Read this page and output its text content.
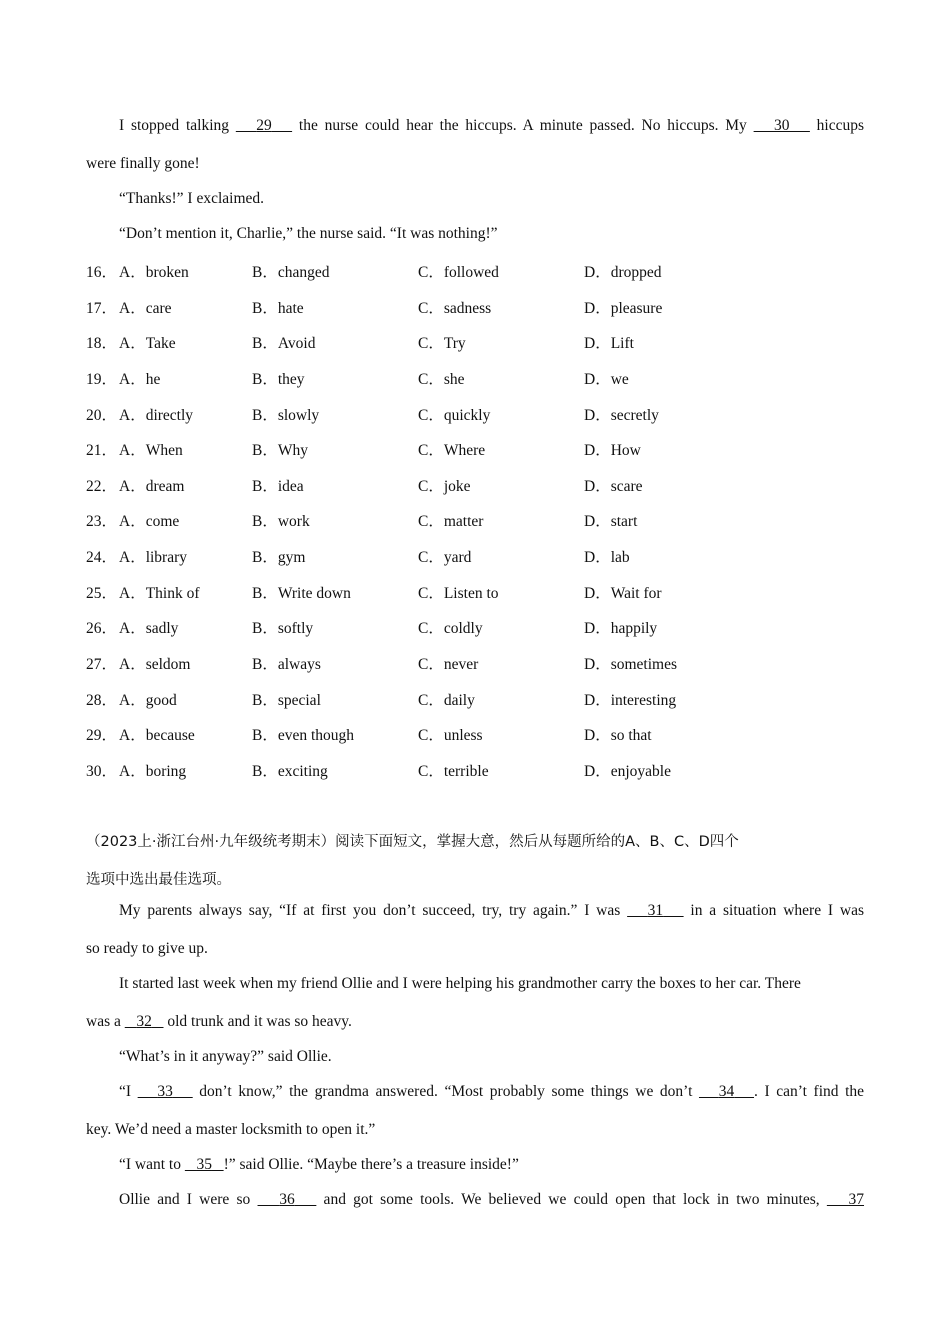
I stopped talking    29    the nurse could hear the hiccups. A minute passed. No hiccups. My    30    hiccups
were finally gone!
“Thanks!” I exclaimed.
“Don’t mention it, Charlie,” the nurse said. “It was nothing!”
16． A．broken	B．changed	C．followed	D．dropped
17． A．care	B．hate	C．sadness	D．pleasure
18． A．Take	B．Avoid	C．Try	D．Lift
19． A．he	B．they	C．she	D．we
20． A．directly	B．slowly	C．quickly	D．secretly
21． A．When	B．Why	C．Where	D．How
22． A．dream	B．idea	C．joke	D．scare
23． A．come	B．work	C．matter	D．start
24． A．library	B．gym	C．yard	D．lab
25． A．Think of	B．Write down	C．Listen to	D．Wait for
26． A．sadly	B．softly	C．coldly	D．happily
27． A．seldom	B．always	C．never	D．sometimes
28． A．good	B．special	C．daily	D．interesting
29． A．because	B．even though	C．unless	D．so that
30． A．boring	B．exciting	C．terrible	D．enjoyable
（2023上·浙江台州·九年级统考期末）阅读下面短文，掌握大意，然后从每题所给的A、B、C、D四个
选项中选出最佳选项。
My parents always say, “If at first you don’t succeed, try, try again.” I was    31    in a situation where I was
so ready to give up.
It started last week when my friend Ollie and I were helping his grandmother carry the boxes to her car. There
was a    32    old trunk and it was so heavy.
“What’s in it anyway?” said Ollie.
“I    33    don’t know,” the grandma answered. “Most probably some things we don’t    34 . I can’t find the
key. We’d need a master locksmith to open it.”
“I want to    35 !” said Ollie. “Maybe there’s a treasure inside!”
Ollie and I were so    36    and got some tools. We believed we could open that lock in two minutes,    37
